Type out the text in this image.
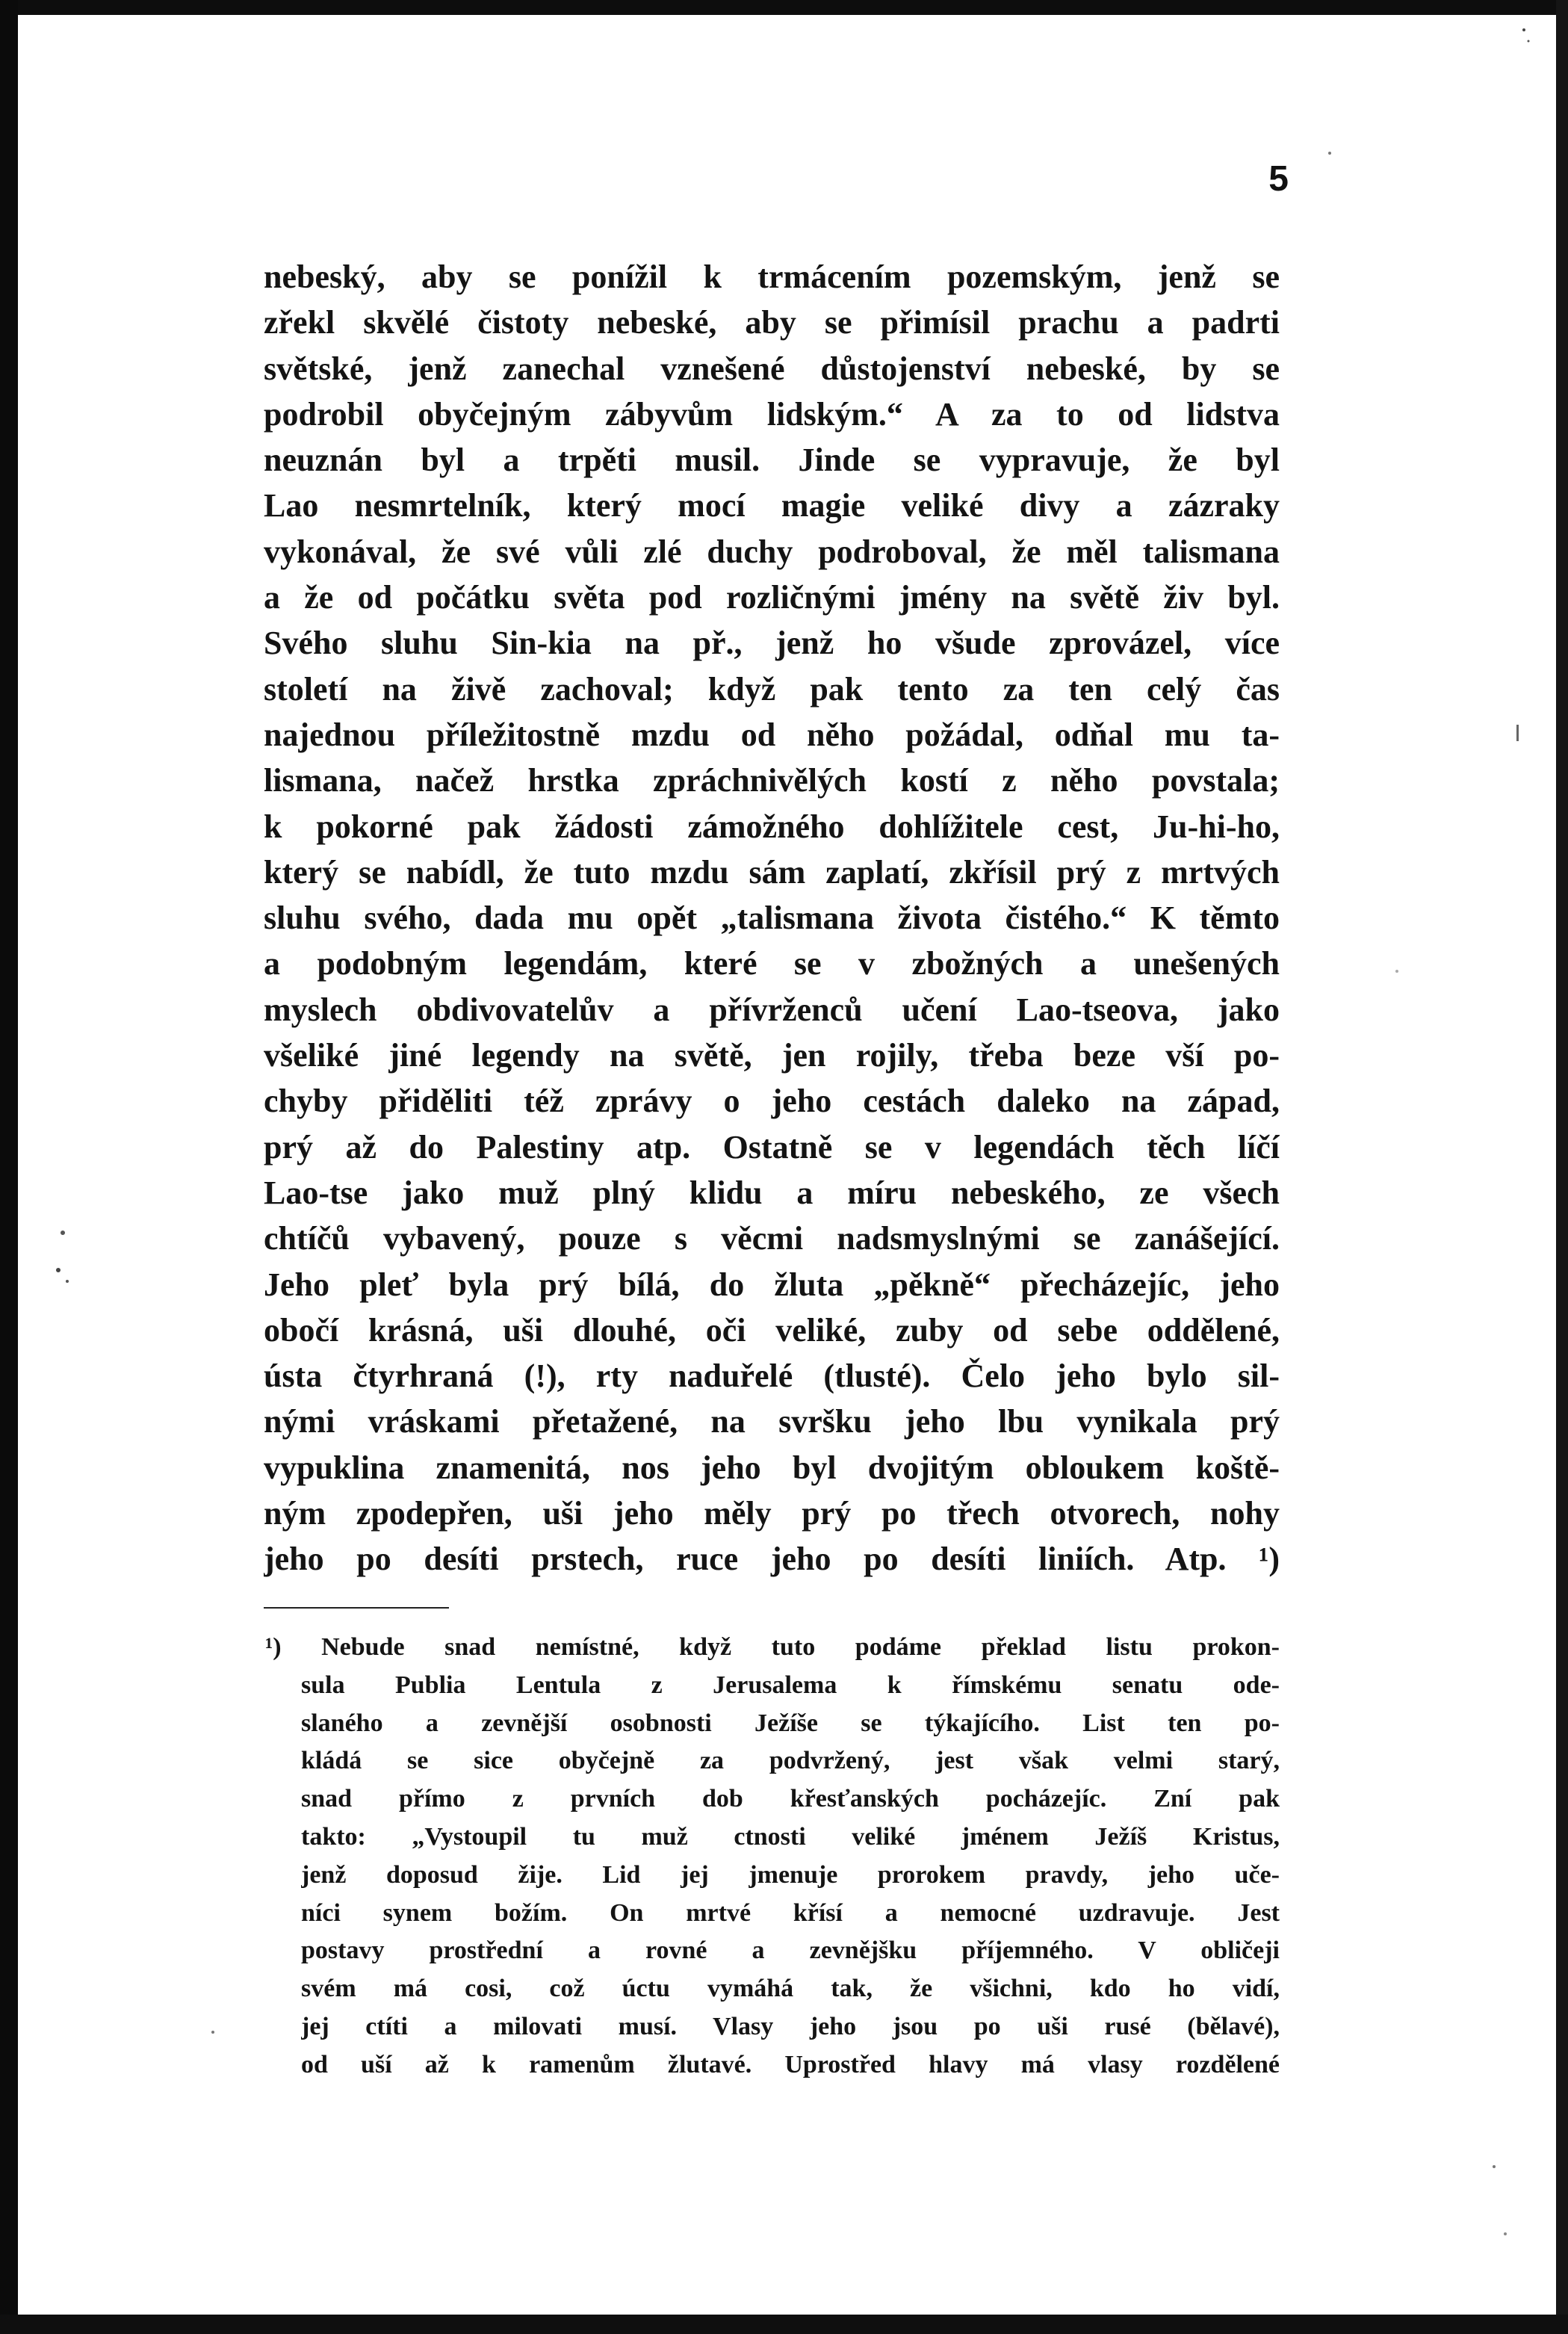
5
nebeský, aby se ponížil k trmácením pozemským, jenž se
zřekl skvělé čistoty nebeské, aby se přimísil prachu a padrti
světské, jenž zanechal vznešené důstojenství nebeské, by se
podrobil obyčejným zábyvům lidským.“ A za to od lidstva
neuznán byl a trpěti musil. Jinde se vypravuje, že byl
Lao nesmrtelník, který mocí magie veliké divy a zázraky
vykonával, že své vůli zlé duchy podroboval, že měl talismana
a že od počátku světa pod rozličnými jmény na světě živ byl.
Svého sluhu Sin-kia na př., jenž ho všude zprovázel, více
století na živě zachoval; když pak tento za ten celý čas
najednou příležitostně mzdu od něho požádal, odňal mu ta-
lismana, načež hrstka zpráchnivělých kostí z něho povstala;
k pokorné pak žádosti zámožného dohlížitele cest, Ju-hi-ho,
který se nabídl, že tuto mzdu sám zaplatí, zkřísil prý z mrtvých
sluhu svého, dada mu opět „talismana života čistého.“ K těmto
a podobným legendám, které se v zbožných a unešených
myslech obdivovatelův a přívrženců učení Lao-tseova, jako
všeliké jiné legendy na světě, jen rojily, třeba beze vší po-
chyby přiděliti též zprávy o jeho cestách daleko na západ,
prý až do Palestiny atp. Ostatně se v legendách těch líčí
Lao-tse jako muž plný klidu a míru nebeského, ze všech
chtíčů vybavený, pouze s věcmi nadsmyslnými se zanášející.
Jeho pleť byla prý bílá, do žluta „pěkně“ přecházejíc, jeho
obočí krásná, uši dlouhé, oči veliké, zuby od sebe oddělené,
ústa čtyrhraná (!), rty naduřelé (tlusté). Čelo jeho bylo sil-
nými vráskami přetažené, na svršku jeho lbu vynikala prý
vypuklina znamenitá, nos jeho byl dvojitým obloukem koště-
ným zpodepřen, uši jeho měly prý po třech otvorech, nohy
jeho po desíti prstech, ruce jeho po desíti liniích. Atp. ¹)
¹) Nebude snad nemístné, když tuto podáme překlad listu prokon-
sula Publia Lentula z Jerusalema k římskému senatu ode-
slaného a zevnější osobnosti Ježíše se týkajícího. List ten po-
kládá se sice obyčejně za podvržený, jest však velmi starý,
snad přímo z prvních dob křesťanských pocházejíc. Zní pak
takto: „Vystoupil tu muž ctnosti veliké jménem Ježíš Kristus,
jenž doposud žije. Lid jej jmenuje prorokem pravdy, jeho uče-
níci synem božím. On mrtvé křísí a nemocné uzdravuje. Jest
postavy prostřední a rovné a zevnějšku příjemného. V obličeji
svém má cosi, což úctu vymáhá tak, že všichni, kdo ho vidí,
jej ctíti a milovati musí. Vlasy jeho jsou po uši rusé (bělavé),
od uší až k ramenům žlutavé. Uprostřed hlavy má vlasy rozdělené
